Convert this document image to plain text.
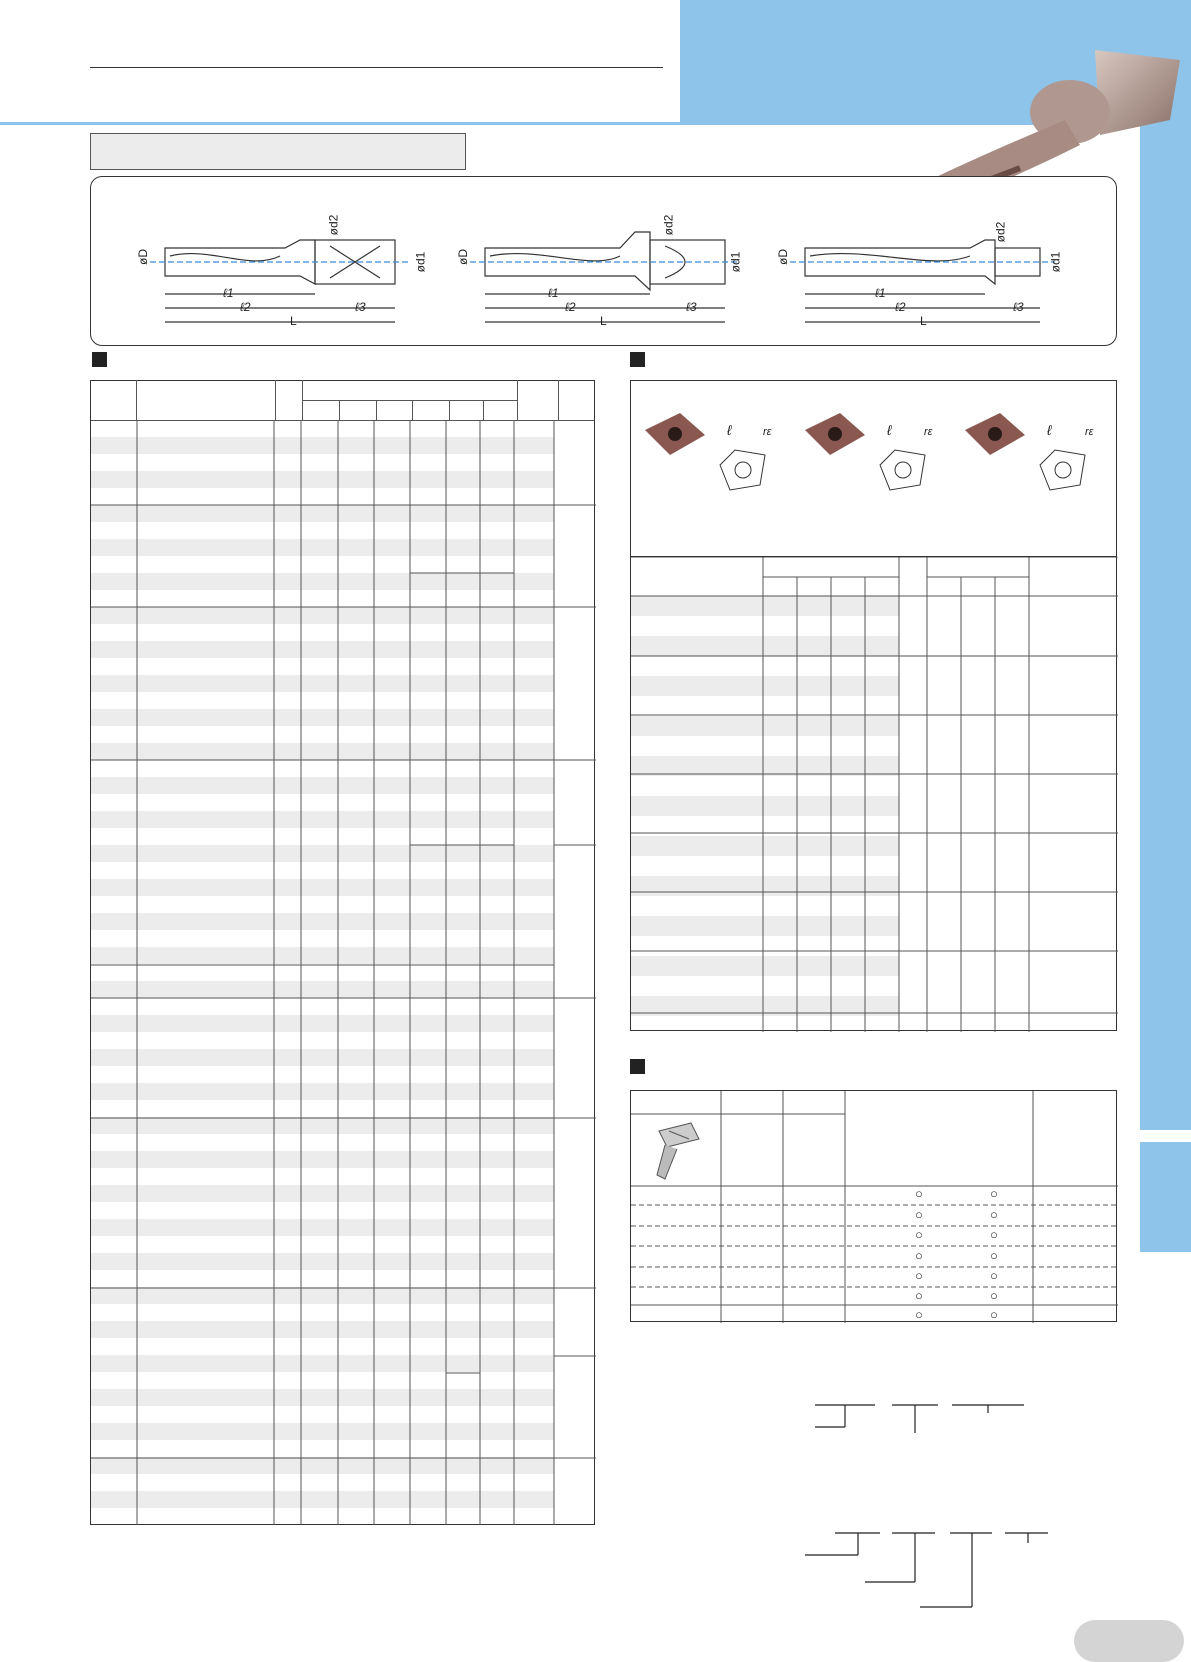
øD
ød2
ød1
ℓ1
ℓ2	ℓ3
L
øD
ød2
ød1
ℓ1
ℓ2	ℓ3
L
øD
ød2
ød1
ℓ1
ℓ2	ℓ3
L

ℓ	rε	ℓ	rε	ℓ	rε
○	○
○	○
○	○
○	○
○	○
○	○
○	○
